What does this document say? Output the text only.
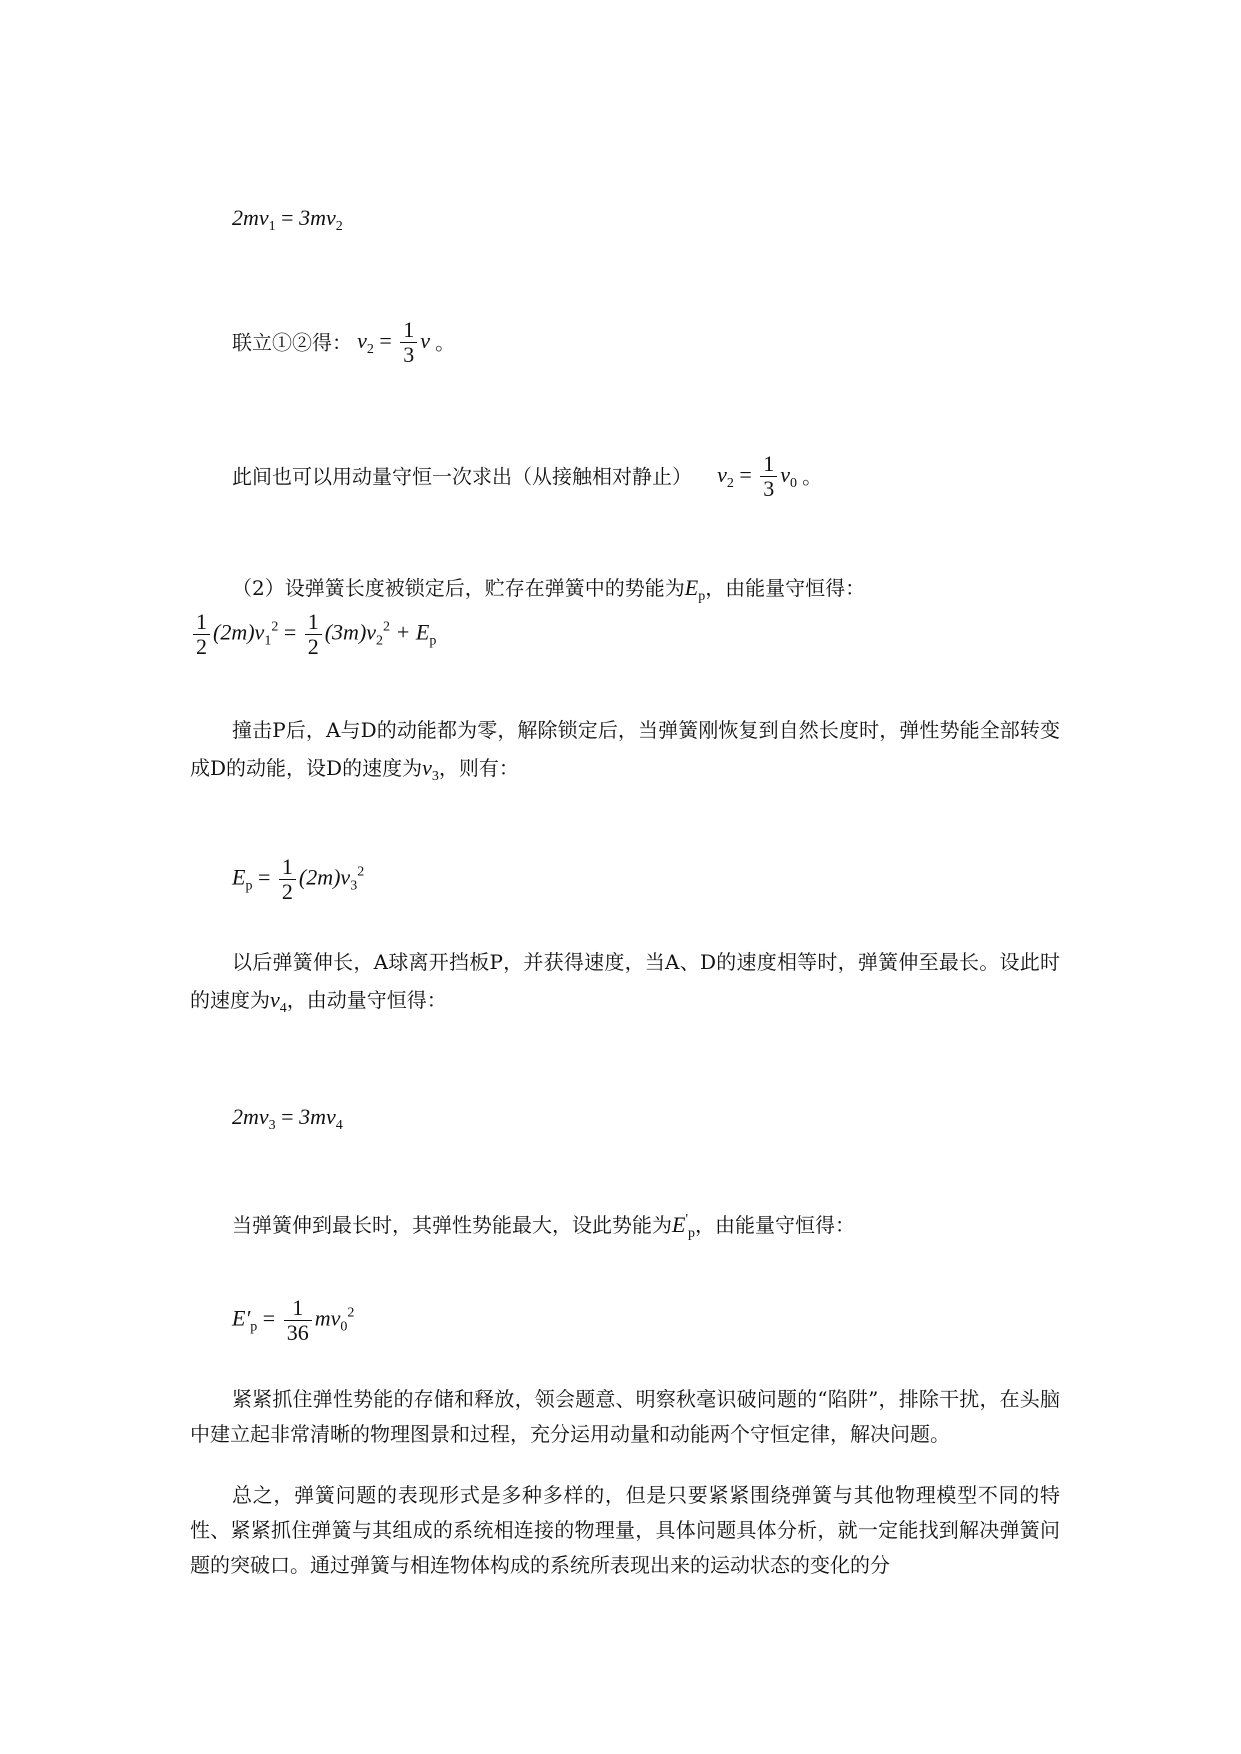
$2mv_1 = 3mv_2$
联立①②得： $v_2 = \frac{1}{3}$ v 。
此间也可以用动量守恒一次求出（从接触相对静止） $v_2 = \frac{1}{3} v_0$ 。
（2）设弹簧长度被锁定后，贮存在弹簧中的势能为$E_p$，由能量守恒得：
$\frac{1}{2} (2m)v_1^2 = \frac{1}{2} (3m)v_2^2 + E_p$
撞击P后，A与D的动能都为零，解除锁定后，当弹簧刚恢复到自然长度时，弹性势能全部转变成D的动能，设D的速度为$v_3$，则有：
$E_p = \frac{1}{2} (2m)v_3^2$
以后弹簧伸长，A球离开挡板P，并获得速度，当A、D的速度相等时，弹簧伸至最长。设此时的速度为$v_4$，由动量守恒得：
$2mv_3 = 3mv_4$
当弹簧伸到最长时，其弹性势能最大，设此势能为$E'_p$，由能量守恒得：
$E'_p = \frac{1}{36} mv_0^2$
紧紧抓住弹性势能的存储和释放，领会题意、明察秋毫识破问题的“陷阱”，排除干扰，在头脑中建立起非常清晰的物理图景和过程，充分运用动量和动能两个守恒定律，解决问题。
总之，弹簧问题的表现形式是多种多样的，但是只要紧紧围绕弹簧与其他物理模型不同的特性、紧紧抓住弹簧与其组成的系统相连接的物理量，具体问题具体分析，就一定能找到解决弹簧问题的突破口。通过弹簧与相连物体构成的系统所表现出来的运动状态的变化的分
